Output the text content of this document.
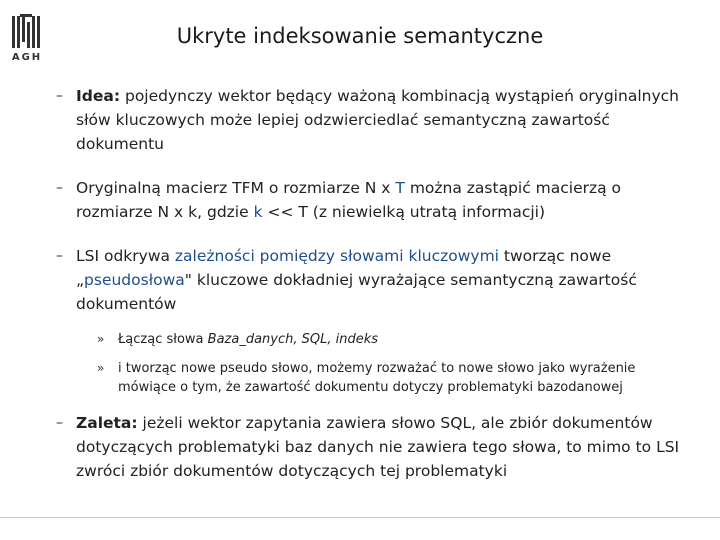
AGH
Ukryte indeksowanie semantyczne
– Idea: pojedynczy wektor będący ważoną kombinacją wystąpień oryginalnych słów kluczowych może lepiej odzwierciedlać semantyczną zawartość dokumentu
– Oryginalną macierz TFM o rozmiarze N x T można zastąpić macierzą o rozmiarze N x k, gdzie k << T (z niewielką utratą informacji)
– LSI odkrywa zależności pomiędzy słowami kluczowymi tworząc nowe „pseudosłowa" kluczowe dokładniej wyrażające semantyczną zawartość dokumentów
» Łącząc słowa Baza_danych, SQL, indeks
» i tworząc nowe pseudo słowo, możemy rozważać to nowe słowo jako wyrażenie mówiące o tym, że zawartość dokumentu dotyczy problematyki bazodanowej
– Zaleta: jeżeli wektor zapytania zawiera słowo SQL, ale zbiór dokumentów dotyczących problematyki baz danych nie zawiera tego słowa, to mimo to LSI zwróci zbiór dokumentów dotyczących tej problematyki
